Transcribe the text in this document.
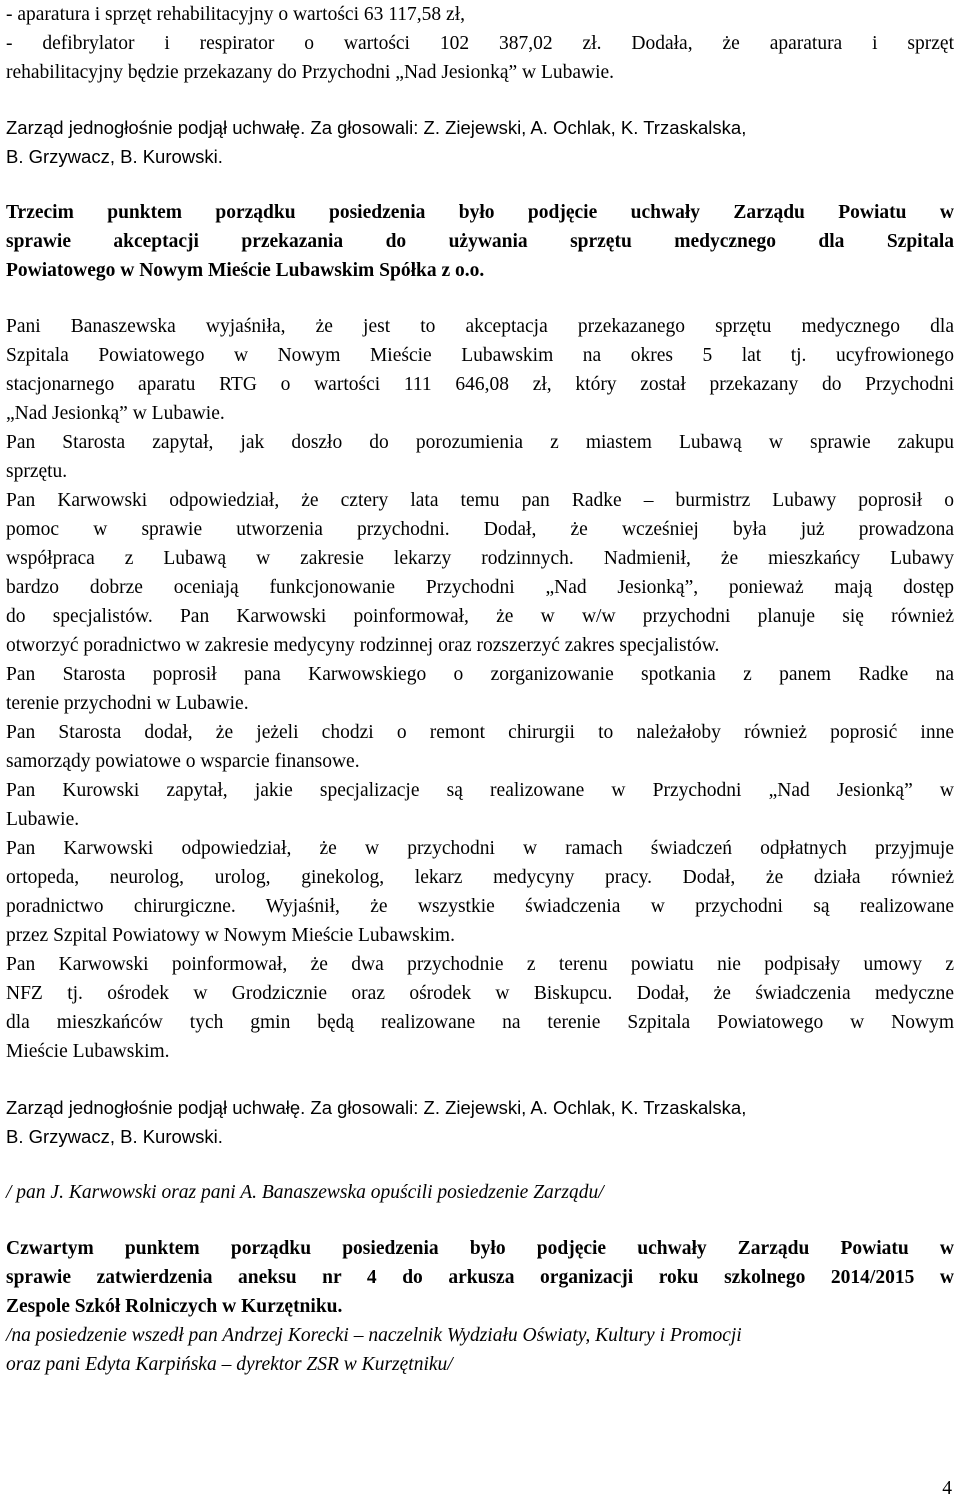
- aparatura i sprzęt rehabilitacyjny o wartości 63 117,58 zł,
- defibrylator i respirator o wartości 102 387,02 zł. Dodała, że aparatura i sprzęt
rehabilitacyjny będzie przekazany do Przychodni „Nad Jesionką” w Lubawie.
Zarząd jednogłośnie podjął uchwałę. Za głosowali: Z. Ziejewski, A. Ochlak, K. Trzaskalska,
B. Grzywacz, B. Kurowski.
Trzecim punktem porządku posiedzenia było podjęcie uchwały Zarządu Powiatu w
sprawie akceptacji przekazania do używania sprzętu medycznego dla Szpitala
Powiatowego w Nowym Mieście Lubawskim Spółka z o.o.
Pani Banaszewska wyjaśniła, że jest to akceptacja przekazanego sprzętu medycznego dla
Szpitala Powiatowego w Nowym Mieście Lubawskim na okres 5 lat tj. ucyfrowionego
stacjonarnego aparatu RTG o wartości 111 646,08 zł, który został przekazany do Przychodni
„Nad Jesionką” w Lubawie.
Pan Starosta zapytał, jak doszło do porozumienia z miastem Lubawą w sprawie zakupu
sprzętu.
Pan Karwowski odpowiedział, że cztery lata temu pan Radke – burmistrz Lubawy poprosił o
pomoc w sprawie utworzenia przychodni. Dodał, że wcześniej była już prowadzona
współpraca z Lubawą w zakresie lekarzy rodzinnych. Nadmienił, że mieszkańcy Lubawy
bardzo dobrze oceniają funkcjonowanie Przychodni „Nad Jesionką”, ponieważ mają dostęp
do specjalistów. Pan Karwowski poinformował, że w w/w przychodni planuje się również
otworzyć poradnictwo w zakresie medycyny rodzinnej oraz rozszerzyć zakres specjalistów.
Pan Starosta poprosił pana Karwowskiego o zorganizowanie spotkania z panem Radke na
terenie przychodni w Lubawie.
Pan Starosta dodał, że jeżeli chodzi o remont chirurgii to należałoby również poprosić inne
samorządy powiatowe o wsparcie finansowe.
Pan Kurowski zapytał, jakie specjalizacje są realizowane w Przychodni „Nad Jesionką” w
Lubawie.
Pan Karwowski odpowiedział, że w przychodni w ramach świadczeń odpłatnych przyjmuje
ortopeda, neurolog, urolog, ginekolog, lekarz medycyny pracy. Dodał, że działa również
poradnictwo chirurgiczne. Wyjaśnił, że wszystkie świadczenia w przychodni są realizowane
przez Szpital Powiatowy w Nowym Mieście Lubawskim.
Pan Karwowski poinformował, że dwa przychodnie z terenu powiatu nie podpisały umowy z
NFZ tj. ośrodek w Grodzicznie oraz ośrodek w Biskupcu. Dodał, że świadczenia medyczne
dla mieszkańców tych gmin będą realizowane na terenie Szpitala Powiatowego w Nowym
Mieście Lubawskim.
Zarząd jednogłośnie podjął uchwałę. Za głosowali: Z. Ziejewski, A. Ochlak, K. Trzaskalska,
B. Grzywacz, B. Kurowski.
/ pan J. Karwowski oraz pani A. Banaszewska opuścili posiedzenie Zarządu/
Czwartym punktem porządku posiedzenia było podjęcie uchwały Zarządu Powiatu w
sprawie zatwierdzenia aneksu nr 4 do arkusza organizacji roku szkolnego 2014/2015 w
Zespole Szkół Rolniczych w Kurzętniku.
/na posiedzenie wszedł pan Andrzej Korecki – naczelnik Wydziału Oświaty, Kultury i Promocji
oraz pani Edyta Karpińska – dyrektor ZSR w Kurzętniku/
4
